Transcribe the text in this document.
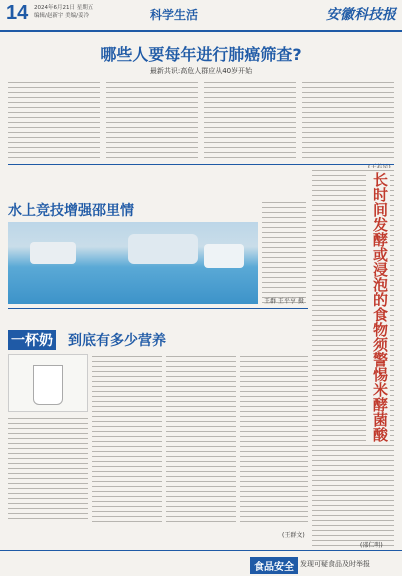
14 2024年6月21日 星期五
编辑/赵新宇 美编/姜冷	科学生活	安徽科技报
哪些人要每年进行肺癌筛查?
最新共识:高危人群应从40岁开始
水上竞技增强邵里情
王群 王平亨 摄
一杯奶 到底有多少营养
(王群文)
长时间发酵或浸泡的食物须警惕米酵菌酸
(邵仁明)
食品安全 发现可疑食品及时举报
